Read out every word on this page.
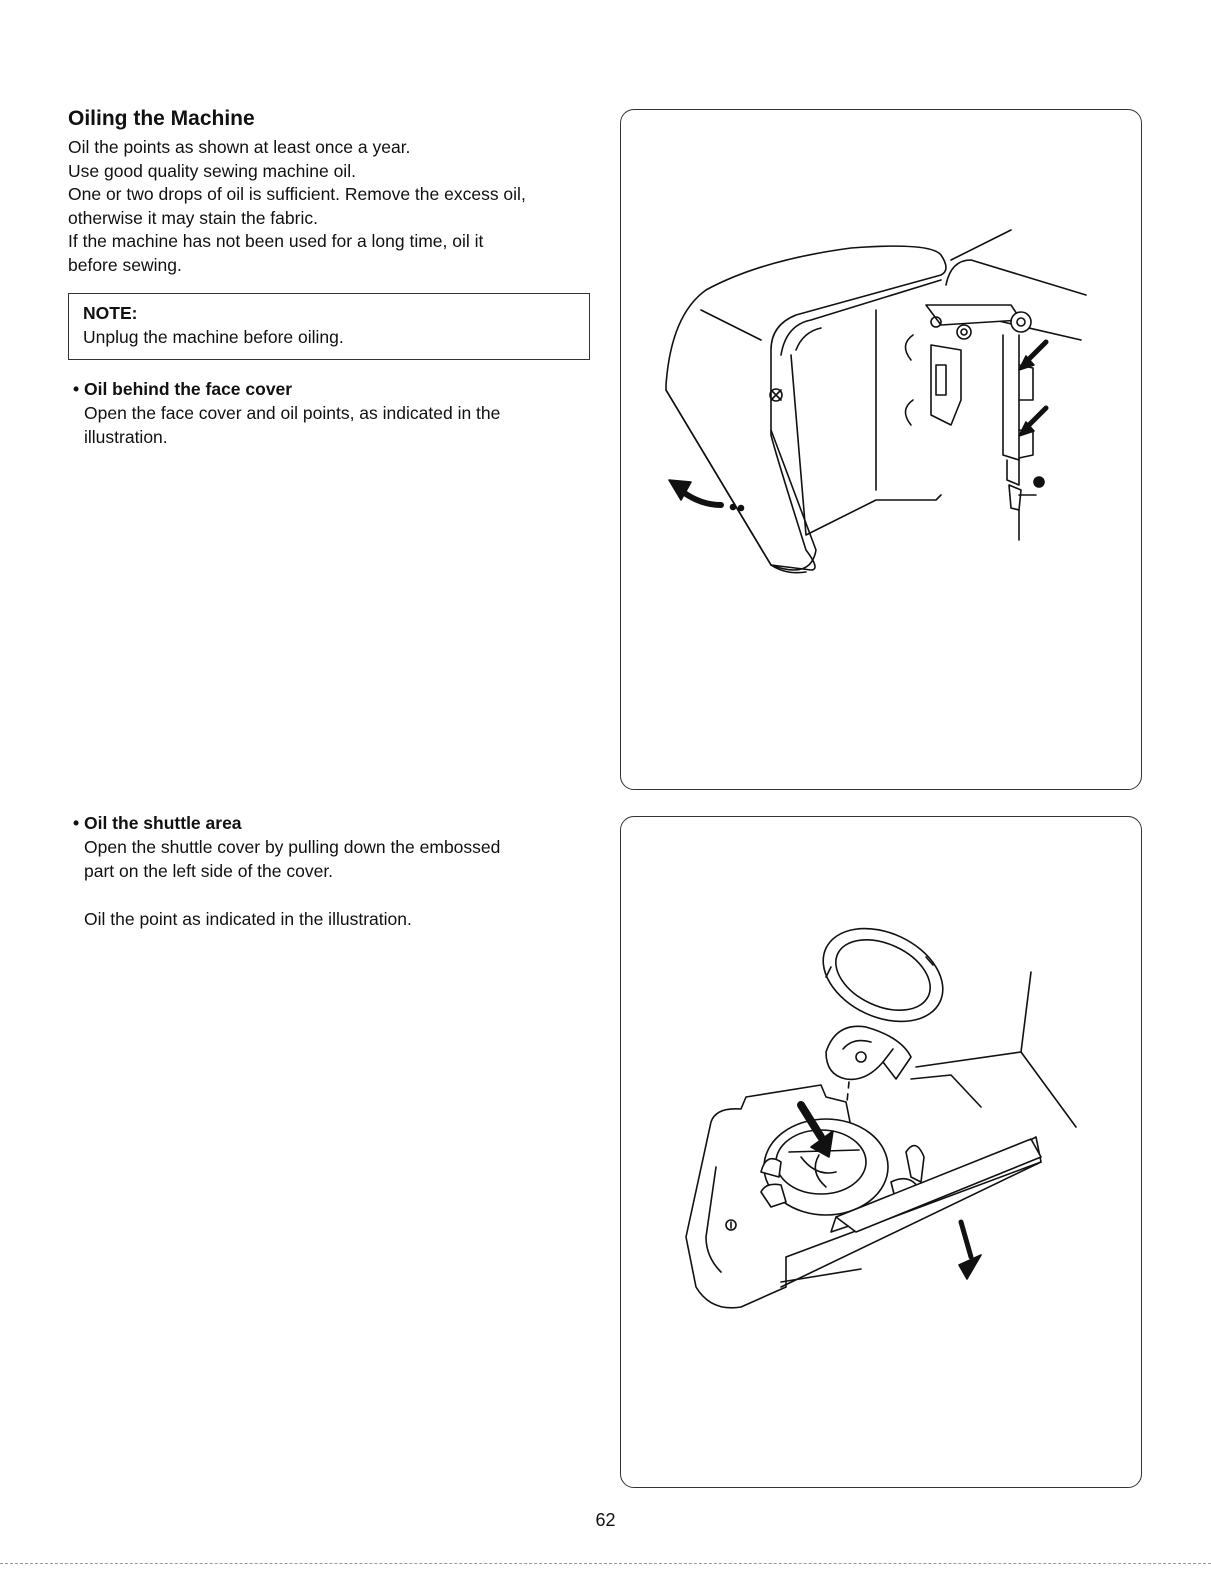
Oiling the Machine
Oil the points as shown at least once a year.
Use good quality sewing machine oil.
One or two drops of oil is sufficient. Remove the excess oil,
otherwise it may stain the fabric.
If the machine has not been used for a long time, oil it
before sewing.
NOTE:
Unplug the machine before oiling.
• Oil behind the face cover
Open the face cover and oil points, as indicated in the
illustration.
• Oil the shuttle area
Open the shuttle cover by pulling down the embossed
part on the left side of the cover.
Oil the point as indicated in the illustration.
62
